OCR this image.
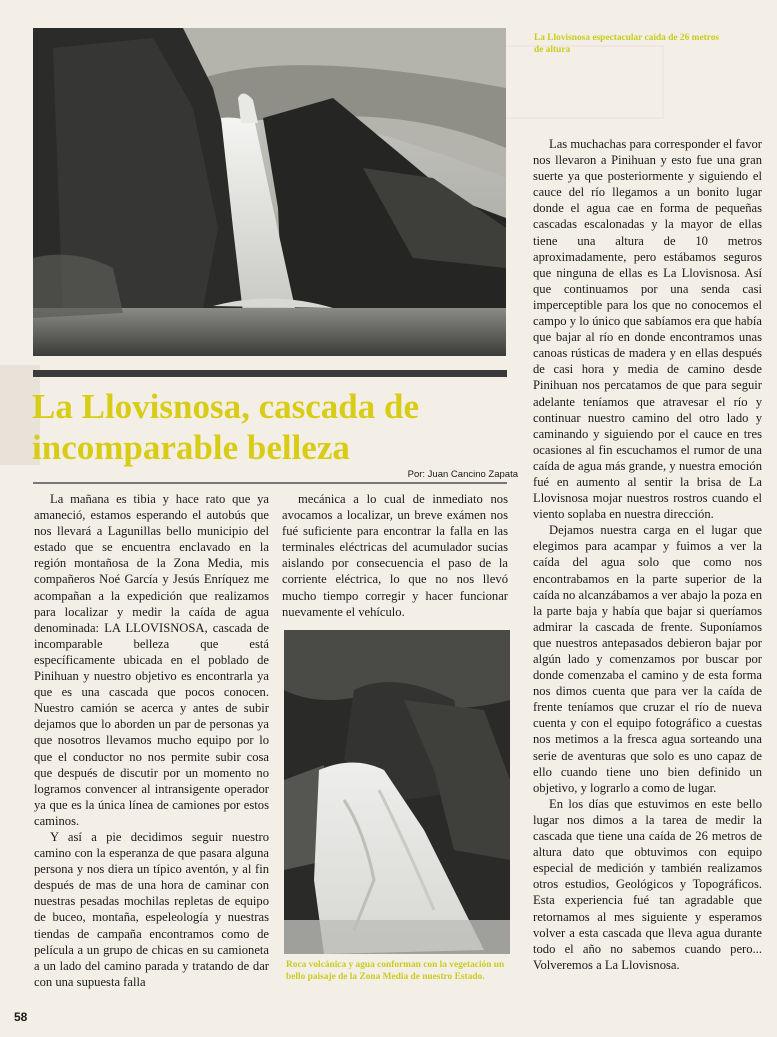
La Llovisnosa espectacular caída de 26 metros de altura
La Llovisnosa, cascada de incomparable belleza
Por: Juan Cancino Zapata

La mañana es tibia y hace rato que ya amaneció, estamos esperando el autobús que nos llevará a Lagunillas bello municipio del estado que se encuentra enclavado en la región montañosa de la Zona Media, mis compañeros Noé García y Jesús Enríquez me acompañan a la expedición que realizamos para localizar y medir la caída de agua denominada: LA LLOVISNOSA, cascada de incomparable belleza que está específicamente ubicada en el poblado de Pinihuan y nuestro objetivo es encontrarla ya que es una cascada que pocos conocen. Nuestro camión se acerca y antes de subir dejamos que lo aborden un par de personas ya que nosotros llevamos mucho equipo por lo que el conductor no nos permite subir cosa que después de discutir por un momento no logramos convencer al intransigente operador ya que es la única línea de camiones por estos caminos.

Y así a pie decidimos seguir nuestro camino con la esperanza de que pasara alguna persona y nos diera un típico aventón, y al fin después de mas de una hora de caminar con nuestras pesadas mochilas repletas de equipo de buceo, montaña, espeleología y nuestras tiendas de campaña encontramos como de película a un grupo de chicas en su camioneta a un lado del camino parada y tratando de dar con una supuesta falla

mecánica a lo cual de inmediato nos avocamos a localizar, un breve exámen nos fué suficiente para encontrar la falla en las terminales eléctricas del acumulador sucias aislando por consecuencia el paso de la corriente eléctrica, lo que no nos llevó mucho tiempo corregir y hacer funcionar nuevamente el vehículo.

Roca volcánica y agua conforman con la vegetación un bello paisaje de la Zona Media de nuestro Estado.

Las muchachas para corresponder el favor nos llevaron a Pinihuan y esto fue una gran suerte ya que posteriormente y siguiendo el cauce del río llegamos a un bonito lugar donde el agua cae en forma de pequeñas cascadas escalonadas y la mayor de ellas tiene una altura de 10 metros aproximadamente, pero estábamos seguros que ninguna de ellas es La Llovisnosa. Así que continuamos por una senda casi imperceptible para los que no conocemos el campo y lo único que sabíamos era que había que bajar al río en donde encontramos unas canoas rústicas de madera y en ellas después de casi hora y media de camino desde Pinihuan nos percatamos de que para seguir adelante teníamos que atravesar el río y continuar nuestro camino del otro lado y caminando y siguiendo por el cauce en tres ocasiones al fin escuchamos el rumor de una caída de agua más grande, y nuestra emoción fué en aumento al sentir la brisa de La Llovisnosa mojar nuestros rostros cuando el viento soplaba en nuestra dirección.

Dejamos nuestra carga en el lugar que elegimos para acampar y fuimos a ver la caída del agua solo que como nos encontrabamos en la parte superior de la caída no alcanzábamos a ver abajo la poza en la parte baja y había que bajar si queríamos admirar la cascada de frente. Suponíamos que nuestros antepasados debieron bajar por algún lado y comenzamos por buscar por donde comenzaba el camino y de esta forma nos dimos cuenta que para ver la caída de frente teníamos que cruzar el río de nueva cuenta y con el equipo fotográfico a cuestas nos metimos a la fresca agua sorteando una serie de aventuras que solo es uno capaz de ello cuando tiene uno bien definido un objetivo, y lograrlo a como de lugar.

En los días que estuvimos en este bello lugar nos dimos a la tarea de medir la cascada que tiene una caída de 26 metros de altura dato que obtuvimos con equipo especial de medición y también realizamos otros estudios, Geológicos y Topográficos. Esta experiencia fué tan agradable que retornamos al mes siguiente y esperamos volver a esta cascada que lleva agua durante todo el año no sabemos cuando pero... Volveremos a La Llovisnosa.

58
